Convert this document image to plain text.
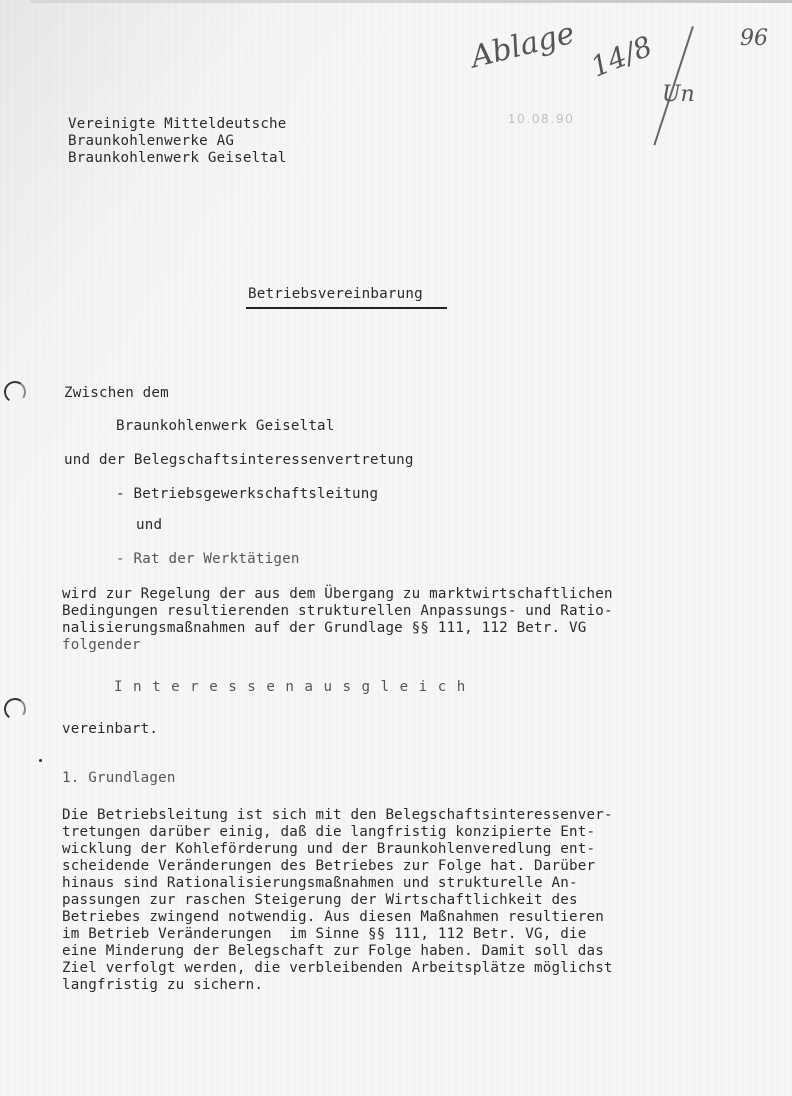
Ablage 14/8
Un
96
10.08.90
Vereinigte Mitteldeutsche
Braunkohlenwerke AG
Braunkohlenwerk Geiseltal
Betriebsvereinbarung
Zwischen dem
Braunkohlenwerk Geiseltal
und der Belegschaftsinteressenvertretung
- Betriebsgewerkschaftsleitung
und
- Rat der Werktätigen
wird zur Regelung der aus dem Übergang zu marktwirtschaftlichen
Bedingungen resultierenden strukturellen Anpassungs- und Ratio-
nalisierungsmaßnahmen auf der Grundlage §§ 111, 112 Betr. VG
folgender
Interessenausgleich
vereinbart.
1. Grundlagen
Die Betriebsleitung ist sich mit den Belegschaftsinteressenver-
tretungen darüber einig, daß die langfristig konzipierte Ent-
wicklung der Kohleförderung und der Braunkohlenveredlung ent-
scheidende Veränderungen des Betriebes zur Folge hat. Darüber
hinaus sind Rationalisierungsmaßnahmen und strukturelle An-
passungen zur raschen Steigerung der Wirtschaftlichkeit des
Betriebes zwingend notwendig. Aus diesen Maßnahmen resultieren
im Betrieb Veränderungen  im Sinne §§ 111, 112 Betr. VG, die
eine Minderung der Belegschaft zur Folge haben. Damit soll das
Ziel verfolgt werden, die verbleibenden Arbeitsplätze möglichst
langfristig zu sichern.
